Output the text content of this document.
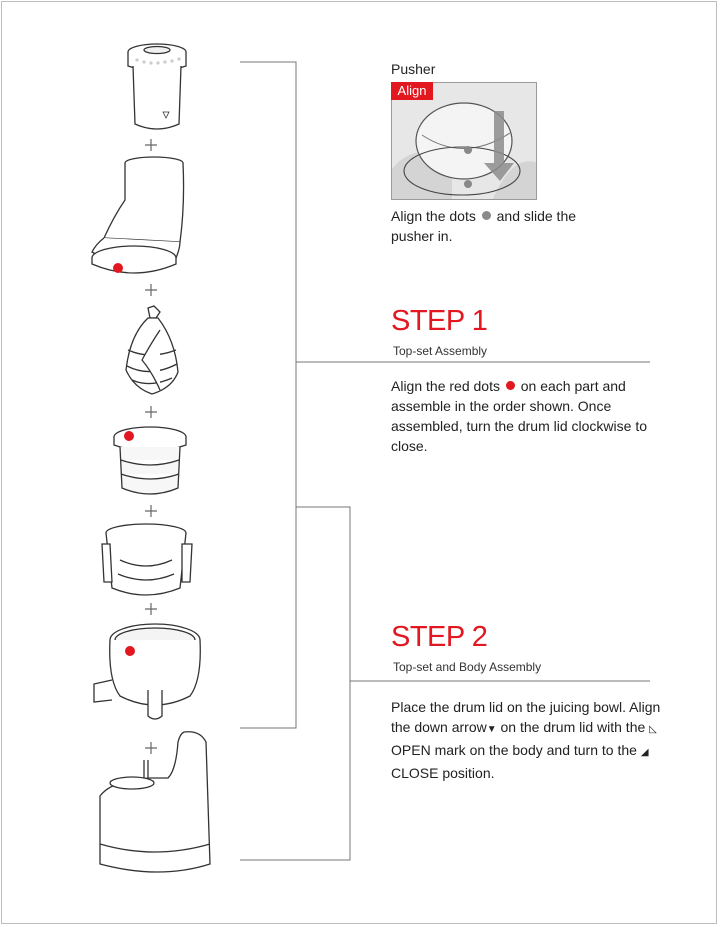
Pusher
Align
Align the dots and slide the pusher in.
STEP 1
Top-set Assembly
Align the red dots on each part and assemble in the order shown. Once assembled, turn the drum lid clockwise to close.
STEP 2
Top-set and Body Assembly
Place the drum lid on the juicing bowl. Align the down arrow▼ on the drum lid with the ◺ OPEN mark on the body and turn to the ◢ CLOSE position.
